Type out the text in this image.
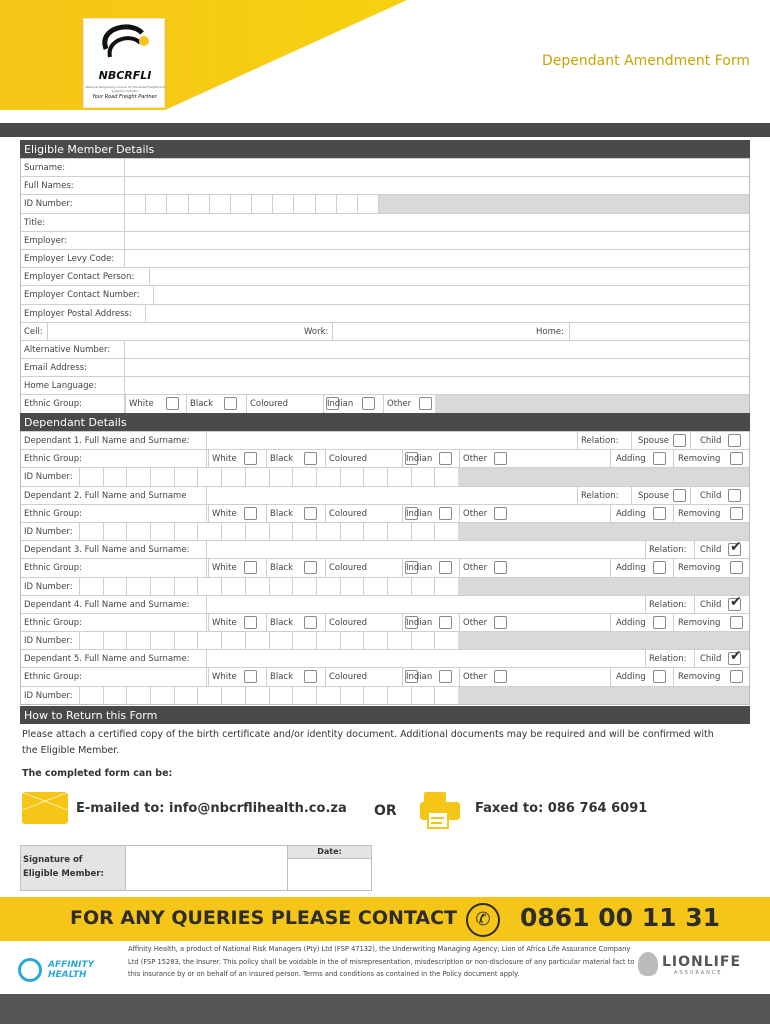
NBCRFLI
National Bargaining Council for the Road Freight and Logistics Industry
Your Road Freight Partner.
Dependant Amendment Form
Eligible Member Details
Surname:
Full Names:
ID Number:
Title:
Employer:
Employer Levy Code:
Employer Contact Person:
Employer Contact Number:
Employer Postal Address:
Cell:	Work:	Home:
Alternative Number:
Email Address:
Home Language:
Ethnic Group:	White	Black	Coloured	Indian	Other
Dependant Details
Dependant 1. Full Name and Surname:	Relation: Spouse	Child
Ethnic Group:	White	Black	Coloured	Indian	Other	Adding	Removing
ID Number:
Dependant 2. Full Name and Surname	Relation: Spouse	Child
Ethnic Group:	White	Black	Coloured	Indian	Other	Adding	Removing
ID Number:
Dependant 3. Full Name and Surname:	Relation: Child ✔
Ethnic Group:	White	Black	Coloured	Indian	Other	Adding	Removing
ID Number:
Dependant 4. Full Name and Surname:	Relation: Child ✔
Ethnic Group:	White	Black	Coloured	Indian	Other	Adding	Removing
ID Number:
Dependant 5. Full Name and Surname:	Relation: Child ✔
Ethnic Group:	White	Black	Coloured	Indian	Other	Adding	Removing
ID Number:
How to Return this Form
Please attach a certified copy of the birth certificate and/or identity document. Additional documents may be required and will be confirmed with the Eligible Member.
The completed form can be:
E-mailed to: info@nbcrflihealth.co.za OR	Faxed to: 086 764 6091
Signature of Eligible Member:
Date:
FOR ANY QUERIES PLEASE CONTACT	✆	0861 00 11 31
AFFINITY HEALTH
Affinity Health, a product of National Risk Managers (Pty) Ltd (FSP 47132), the Underwriting Managing Agency; Lion of Africa Life Assurance Company Ltd (FSP 15283, the Insurer. This policy shall be voidable in the of misrepresentation, misdescription or non-disclosure of any particular material fact to this insurance by or on behalf of an insured person. Terms and conditions as contained in the Policy document apply.
LIONLIFE
ASSURANCE
